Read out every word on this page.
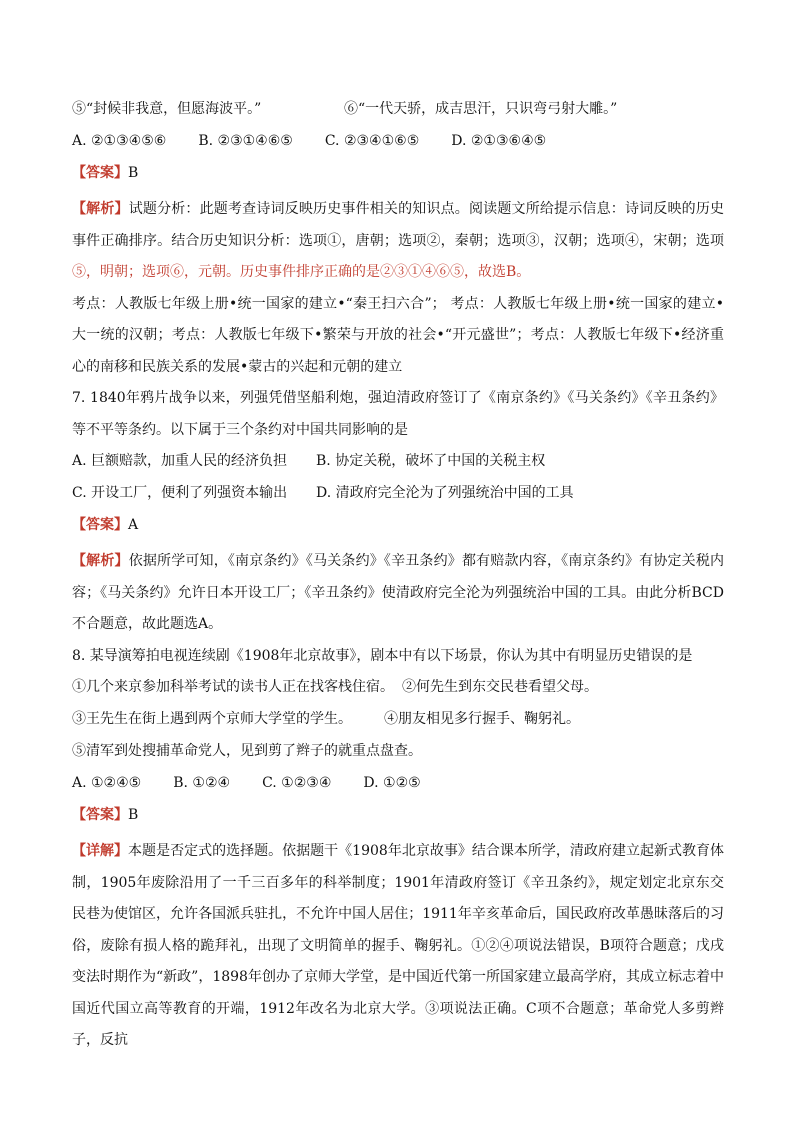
⑤“封候非我意，但愿海波平。”	⑥“一代天骄，成吉思汗，只识弯弓射大雕。”
A. ②①③④⑤⑥ B. ②③①④⑥⑤ C. ②③④①⑥⑤ D. ②①③⑥④⑤
【答案】B
【解析】试题分析：此题考查诗词反映历史事件相关的知识点。阅读题文所给提示信息：诗词反映的历史事件正确排序。结合历史知识分析：选项①，唐朝；选项②，秦朝；选项③，汉朝；选项④，宋朝；选项⑤，明朝；选项⑥，元朝。历史事件排序正确的是②③①④⑥⑤，故选B。
考点：人教版七年级上册•统一国家的建立•“秦王扫六合”； 考点：人教版七年级上册•统一国家的建立•大一统的汉朝；考点：人教版七年级下•繁荣与开放的社会•“开元盛世”；考点：人教版七年级下•经济重心的南移和民族关系的发展•蒙古的兴起和元朝的建立
7. 1840年鸦片战争以来，列强凭借坚船利炮，强迫清政府签订了《南京条约》《马关条约》《辛丑条约》等不平等条约。以下属于三个条约对中国共同影响的是
A. 巨额赔款，加重人民的经济负担	B. 协定关税，破坏了中国的关税主权
C. 开设工厂，便利了列强资本输出	D. 清政府完全沦为了列强统治中国的工具
【答案】A
【解析】依据所学可知，《南京条约》《马关条约》《辛丑条约》都有赔款内容，《南京条约》有协定关税内容；《马关条约》允许日本开设工厂；《辛丑条约》使清政府完全沦为列强统治中国的工具。由此分析BCD不合题意，故此题选A。
8. 某导演筹拍电视连续剧《1908年北京故事》，剧本中有以下场景，你认为其中有明显历史错误的是
①几个来京参加科举考试的读书人正在找客栈住宿。 ②何先生到东交民巷看望父母。
③王先生在街上遇到两个京师大学堂的学生。	④朋友相见多行握手、鞠躬礼。
⑤清军到处搜捕革命党人，见到剪了辫子的就重点盘查。
A. ①②④⑤ B. ①②④ C. ①②③④ D. ①②⑤
【答案】B
【详解】本题是否定式的选择题。依据题干《1908年北京故事》结合课本所学，清政府建立起新式教育体制，1905年废除沿用了一千三百多年的科举制度；1901年清政府签订《辛丑条约》，规定划定北京东交民巷为使馆区，允许各国派兵驻扎，不允许中国人居住；1911年辛亥革命后，国民政府改革愚昧落后的习俗，废除有损人格的跪拜礼，出现了文明简单的握手、鞠躬礼。①②④项说法错误，B项符合题意；戊戌变法时期作为“新政”，1898年创办了京师大学堂，是中国近代第一所国家建立最高学府，其成立标志着中国近代国立高等教育的开端，1912年改名为北京大学。③项说法正确。C项不合题意；革命党人多剪辫子，反抗
